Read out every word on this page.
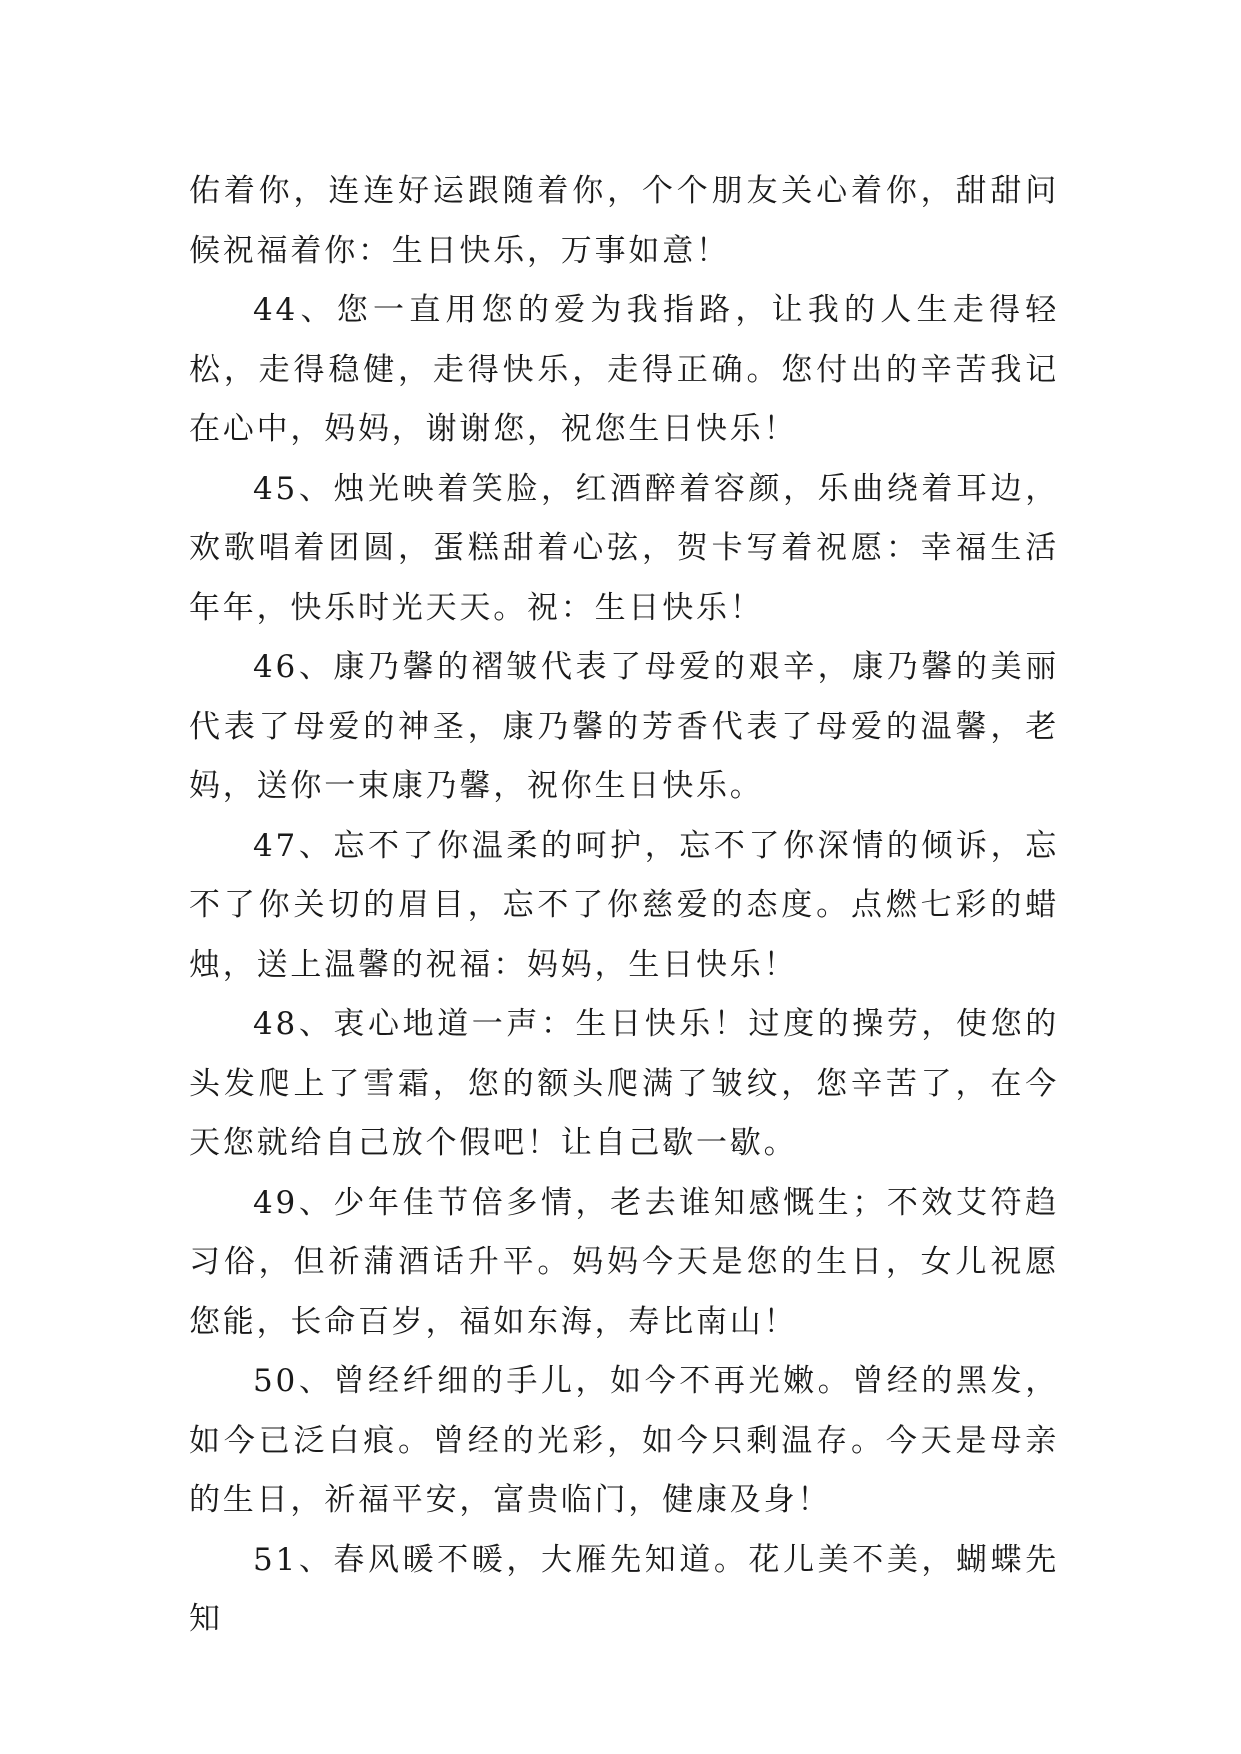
佑着你，连连好运跟随着你，个个朋友关心着你，甜甜问候祝福着你：生日快乐，万事如意！

44、您一直用您的爱为我指路，让我的人生走得轻松，走得稳健，走得快乐，走得正确。您付出的辛苦我记在心中，妈妈，谢谢您，祝您生日快乐！

45、烛光映着笑脸，红酒醉着容颜，乐曲绕着耳边，欢歌唱着团圆，蛋糕甜着心弦，贺卡写着祝愿：幸福生活年年，快乐时光天天。祝：生日快乐！

46、康乃馨的褶皱代表了母爱的艰辛，康乃馨的美丽代表了母爱的神圣，康乃馨的芳香代表了母爱的温馨，老妈，送你一束康乃馨，祝你生日快乐。

47、忘不了你温柔的呵护，忘不了你深情的倾诉，忘不了你关切的眉目，忘不了你慈爱的态度。点燃七彩的蜡烛，送上温馨的祝福：妈妈，生日快乐！

48、衷心地道一声：生日快乐！过度的操劳，使您的头发爬上了雪霜，您的额头爬满了皱纹，您辛苦了，在今天您就给自己放个假吧！让自己歇一歇。

49、少年佳节倍多情，老去谁知感慨生；不效艾符趋习俗，但祈蒲酒话升平。妈妈今天是您的生日，女儿祝愿您能，长命百岁，福如东海，寿比南山！

50、曾经纤细的手儿，如今不再光嫩。曾经的黑发，如今已泛白痕。曾经的光彩，如今只剩温存。今天是母亲的生日，祈福平安，富贵临门，健康及身！

51、春风暖不暖，大雁先知道。花儿美不美，蝴蝶先知
